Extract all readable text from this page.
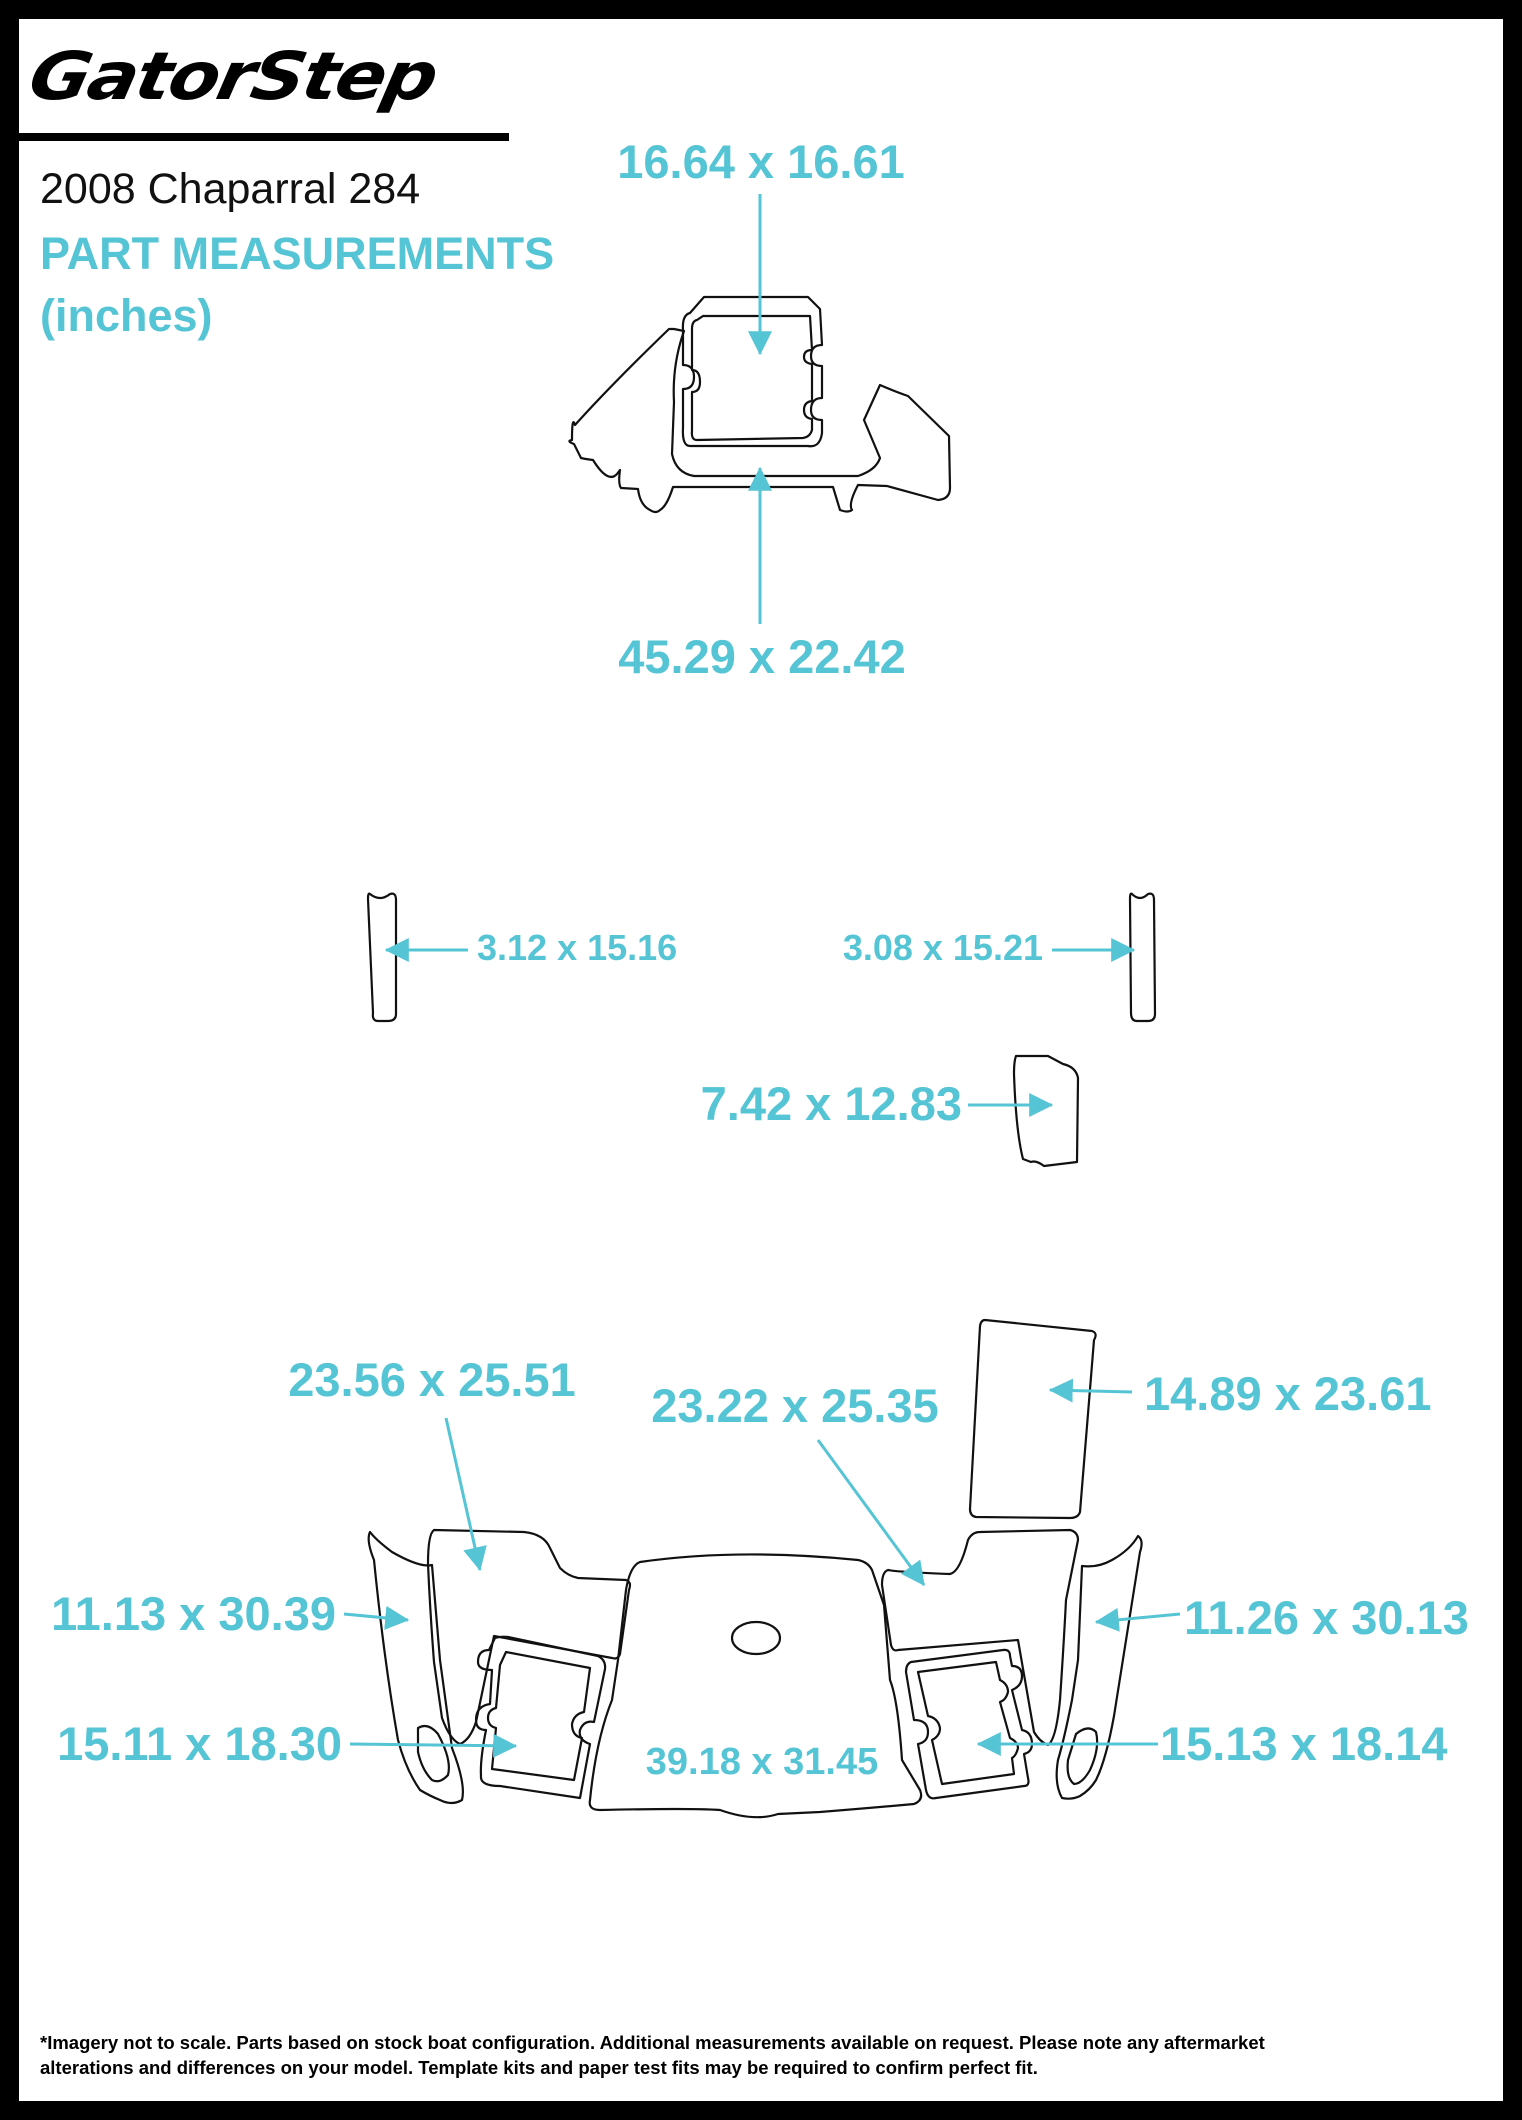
GatorStep
2008 Chaparral 284
PART MEASUREMENTS
(inches)
16.64 x 16.61
45.29 x 22.42
3.12 x 15.16	3.08 x 15.21
7.42 x 12.83
23.56 x 25.51 23.22 x 25.35	14.89 x 23.61
11.13 x 30.39	11.26 x 30.13
15.11 x 18.30	15.13 x 18.14
39.18 x 31.45
*Imagery not to scale. Parts based on stock boat configuration. Additional measurements available on request. Please note any aftermarket
alterations and differences on your model. Template kits and paper test fits may be required to confirm perfect fit.
